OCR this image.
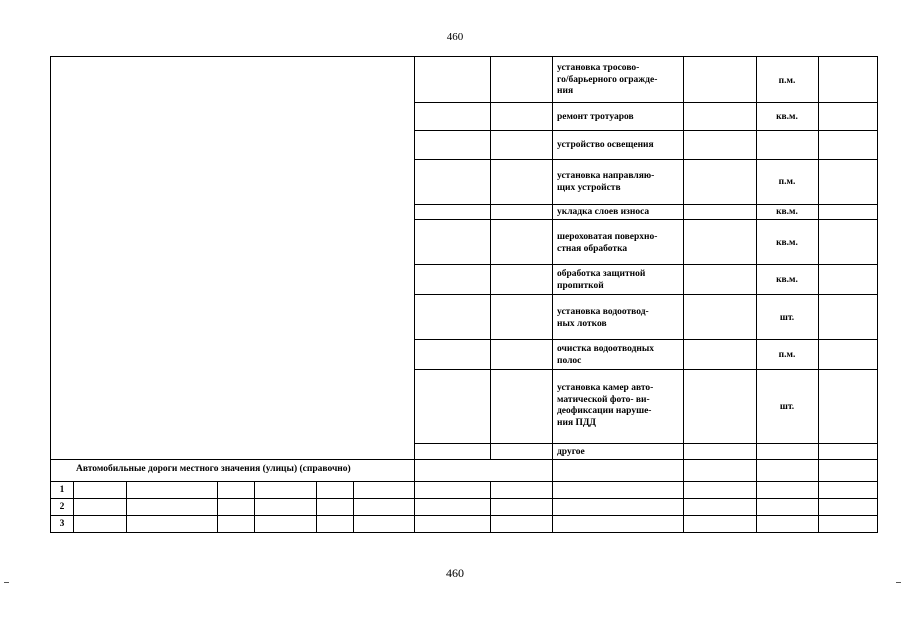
460
установка тросово-
го/барьерного огражде-
ния
ремонт тротуаров
устройство освещения
установка направляю-
щих устройств
укладка слоев износа
шероховатая поверхно-
стная обработка
обработка защитной
пропиткой
установка водоотвод-
ных лотков
очистка водоотводных
полос
установка камер авто-
матической фото- ви-
деофиксации наруше-
ния ПДД
другое
п.м.
кв.м.
п.м.
кв.м.
кв.м.
кв.м.
шт.
п.м.
шт.
Автомобильные дороги местного значения (улицы) (справочно)
1
2
3
460
